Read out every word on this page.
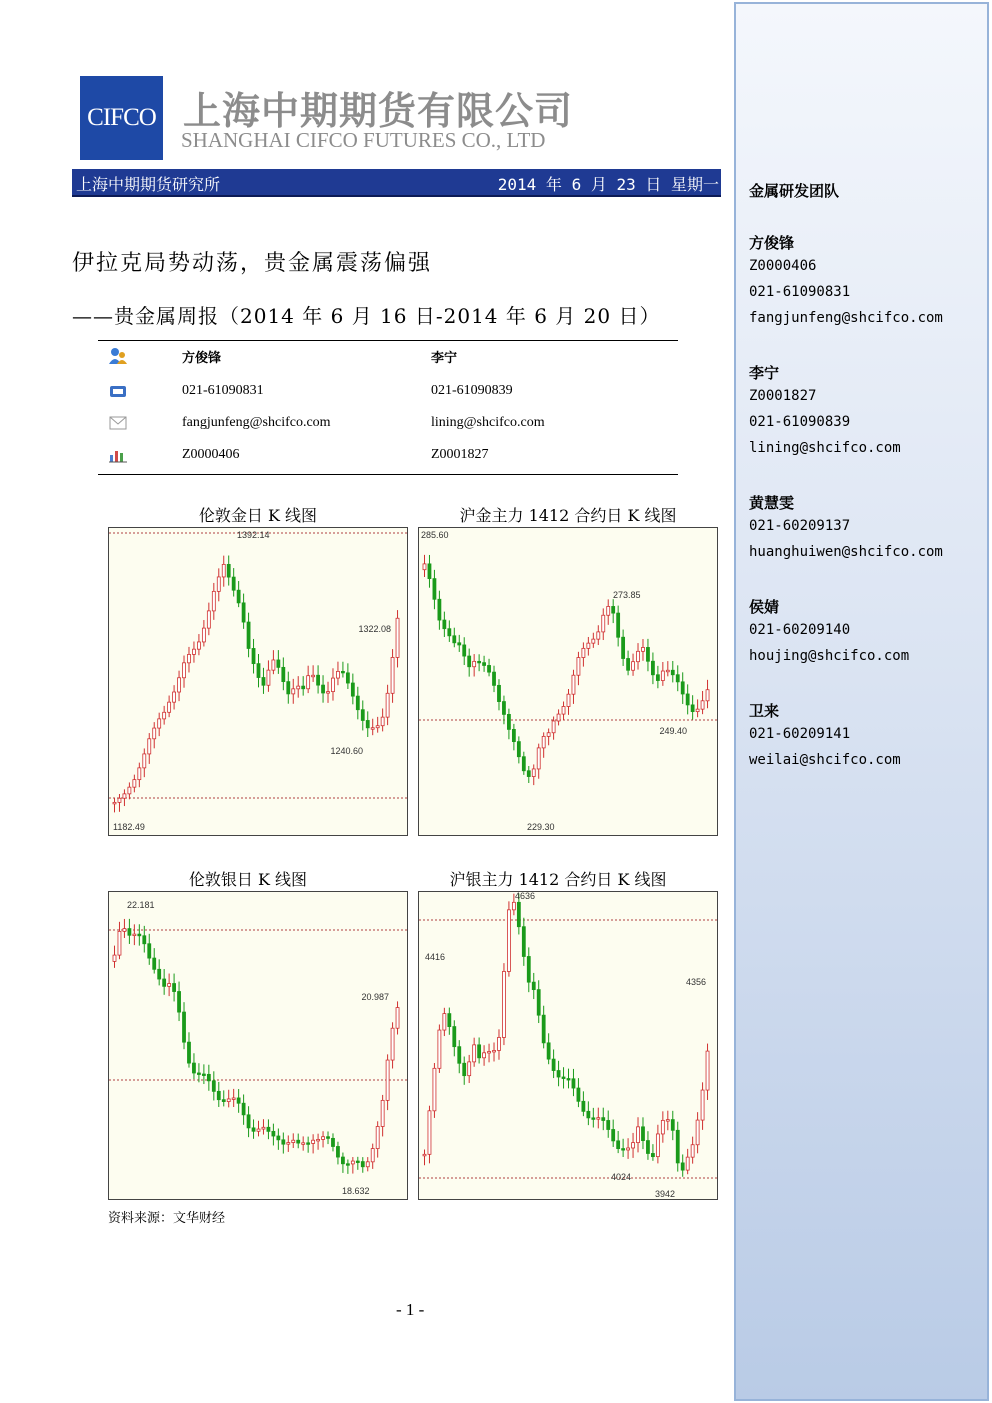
CIFCO 上海中期期货有限公司
SHANGHAI CIFCO FUTURES CO., LTD
上海中期期货研究所	2014 年 6 月 23 日 星期一
伊拉克局势动荡，贵金属震荡偏强
——贵金属周报（2014 年 6 月 16 日-2014 年 6 月 20 日）
方俊锋	李宁
021-61090831	021-61090839
fangjunfeng@shcifco.com	lining@shcifco.com
Z0000406	Z0001827
伦敦金日 K 线图	沪金主力 1412 合约日 K 线图
伦敦银日 K 线图	沪银主力 1412 合约日 K 线图
1392.14
1322.08
1240.60
1182.49
285.60
273.85
249.40
229.30
22.181
20.987
18.632
4636
4416
4356
4024
3942
资料来源：文华财经
- 1 -
金属研发团队
方俊锋
Z0000406
021-61090831
fangjunfeng@shcifco.com
李宁
Z0001827
021-61090839
lining@shcifco.com
黄慧雯
021-60209137
huanghuiwen@shcifco.com
侯婧
021-60209140
houjing@shcifco.com
卫来
021-60209141
weilai@shcifco.com
